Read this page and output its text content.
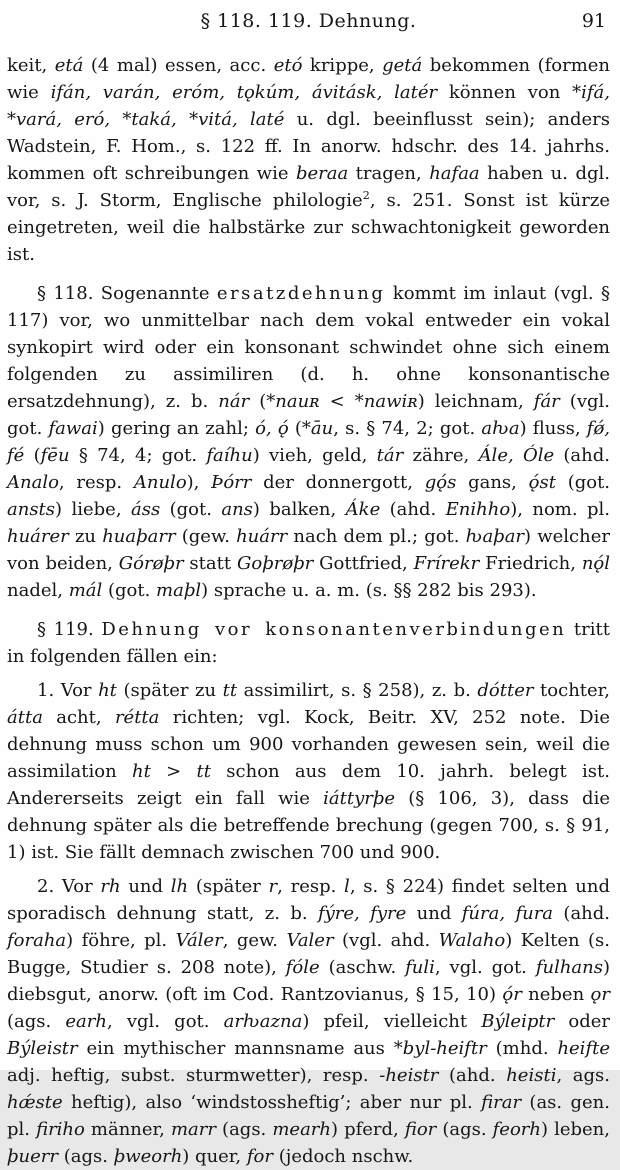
§ 118. 119. Dehnung.	91

keit, etá (4 mal) essen, acc. etó krippe, getá bekommen (formen wie ifán, varán, eróm, tǫkúm, ávitásk, latér können von *ifá, *vará, eró, *taká, *vitá, laté u. dgl. beeinflusst sein); anders Wadstein, F. Hom., s. 122 ff. In anorw. hdschr. des 14. jahrhs. kommen oft schreibungen wie beraa tragen, hafaa haben u. dgl. vor, s. J. Storm, Englische philologie$^2$, s. 251. Sonst ist kürze eingetreten, weil die halbstärke zur schwachtonigkeit geworden ist.

§ 118. Sogenannte ersatzdehnung kommt im inlaut (vgl. § 117) vor, wo unmittelbar nach dem vokal entweder ein vokal synkopirt wird oder ein konsonant schwindet ohne sich einem folgenden zu assimiliren (d. h. ohne konsonantische ersatzdehnung), z. b. nár (*nauʀ < *nawiʀ) leichnam, fár (vgl. got. fawai) gering an zahl; ó, ǫ́ (*āu, s. § 74, 2; got. aƕa) fluss, fǿ, fé (fēu § 74, 4; got. faíhu) vieh, geld, tár zähre, Ále, Óle (ahd. Analo, resp. Anulo), Þórr der donnergott, gǫ́s gans, ǫ́st (got. ansts) liebe, áss (got. ans) balken, Áke (ahd. Enihho), nom. pl. huárer zu huaþarr (gew. huárr nach dem pl.; got. ƕaþar) welcher von beiden, Górøþr statt Goþrøþr Gottfried, Frírekr Friedrich, nǫ́l nadel, mál (got. maþl) sprache u. a. m. (s. §§ 282 bis 293).

§ 119. Dehnung vor konsonantenverbindungen tritt in folgenden fällen ein:

1. Vor ht (später zu tt assimilirt, s. § 258), z. b. dótter tochter, átta acht, rétta richten; vgl. Kock, Beitr. XV, 252 note. Die dehnung muss schon um 900 vorhanden gewesen sein, weil die assimilation ht > tt schon aus dem 10. jahrh. belegt ist. Andererseits zeigt ein fall wie iáttyrþe (§ 106, 3), dass die dehnung später als die betreffende brechung (gegen 700, s. § 91, 1) ist. Sie fällt demnach zwischen 700 und 900.

2. Vor rh und lh (später r, resp. l, s. § 224) findet selten und sporadisch dehnung statt, z. b. fýre, fyre und fúra, fura (ahd. foraha) föhre, pl. Váler, gew. Valer (vgl. ahd. Walaho) Kelten (s. Bugge, Studier s. 208 note), fóle (aschw. fuli, vgl. got. fulhans) diebsgut, anorw. (oft im Cod. Rantzovianus, § 15, 10) ǫ́r neben ǫr (ags. earh, vgl. got. arƕazna) pfeil, vielleicht Býleiptr oder Býleistr ein mythischer mannsname aus *byl-heiftr (mhd. heifte adj. heftig, subst. sturmwetter), resp. -heistr (ahd. heisti, ags. hǽste heftig), also ‘windstossheftig’; aber nur pl. firar (as. gen. pl. firiho männer, marr (ags. mearh) pferd, fior (ags. feorh) leben, þuerr (ags. þweorh) quer, for (jedoch nschw.
